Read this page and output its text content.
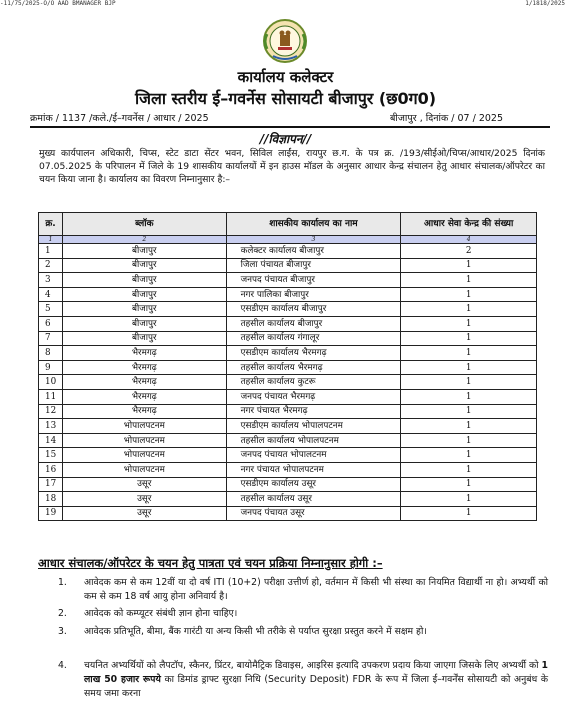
-11/75/2025-O/O AAD BMANAGER BJP	1/1818/2025
कार्यालय कलेक्टर
जिला स्तरीय ई–गवर्नेस सोसायटी बीजापुर (छ0ग0)
क्रमांक / 1137 /कले./ई–गवर्नेस / आधार / 2025	बीजापुर , दिनांक / 07 / 2025
//विज्ञापन//
मुख्य कार्यपालन अधिकारी, चिप्स, स्टेट डाटा सेंटर भवन, सिविल लाईंस, रायपुर छ.ग. के पत्र क्र. /193/सीईओ/चिप्स/आधार/2025 दिनांक 07.05.2025 के परिपालन में जिले के 19 शासकीय कार्यालयों में इन हाउस मॉडल के अनुसार आधार केन्द्र संचालन हेतु आधार संचालक/ऑपरेटर का चयन किया जाना है। कार्यालय का विवरण निम्नानुसार है:–
क्र.	ब्लॉक	शासकीय कार्यालय का नाम	आधार सेवा केन्द्र की संख्या
1	2	3	4
1	बीजापुर	कलेक्टर कार्यालय बीजापुर	2
2	बीजापुर	जिला पंचायत बीजापुर	1
3	बीजापुर	जनपद पंचायत बीजापुर	1
4	बीजापुर	नगर पालिका बीजापुर	1
5	बीजापुर	एसडीएम कार्यालय बीजापुर	1
6	बीजापुर	तहसील कार्यालय बीजापुर	1
7	बीजापुर	तहसील कार्यालय गंगालूर	1
8	भैरमगढ़	एसडीएम कार्यालय भैरमगढ़	1
9	भैरमगढ़	तहसील कार्यालय भैरमगढ़	1
10	भैरमगढ़	तहसील कार्यालय कुटरू	1
11	भैरमगढ़	जनपद पंचायत भैरमगढ़	1
12	भैरमगढ़	नगर पंचायत भैरमगढ़	1
13	भोपालपटनम	एसडीएम कार्यालय भोपालपटनम	1
14	भोपालपटनम	तहसील कार्यालय भोपालपटनम	1
15	भोपालपटनम	जनपद पंचायत भोपालटनम	1
16	भोपालपटनम	नगर पंचायत भोपालपटनम	1
17	उसूर	एसडीएम कार्यालय उसूर	1
18	उसूर	तहसील कार्यालय उसूर	1
19	उसूर	जनपद पंचायत उसूर	1
आधार संचालक/ऑपरेटर के चयन हेतु पात्रता एवं चयन प्रक्रिया निम्नानुसार होगी :–
1. आवेदक कम से कम 12वीं या दो वर्ष ITI (10+2) परीक्षा उत्तीर्ण हो, वर्तमान में किसी भी संस्था का नियमित विद्यार्थी ना हो। अभ्यर्थी को कम से कम 18 वर्ष आयु होना अनिवार्य है।
2. आवेदक को कम्प्यूटर संबंधी ज्ञान होना चाहिए।
3. आवेदक प्रतिभूति, बीमा, बैंक गारंटी या अन्य किसी भी तरीके से पर्याप्त सुरक्षा प्रस्तुत करने में सक्षम हो।
4. चयनित अभ्यर्थियों को लैपटॉप, स्कैनर, प्रिंटर, बायोमैट्रिक डिवाइस, आइरिस इत्यादि उपकरण प्रदाय किया जाएगा जिसके लिए अभ्यर्थी को 1 लाख 50 हजार रूपये का डिमांड ड्राफ्ट सुरक्षा निधि (Security Deposit) FDR के रूप में जिला ई–गवर्नेंस सोसायटी को अनुबंध के समय जमा करना
